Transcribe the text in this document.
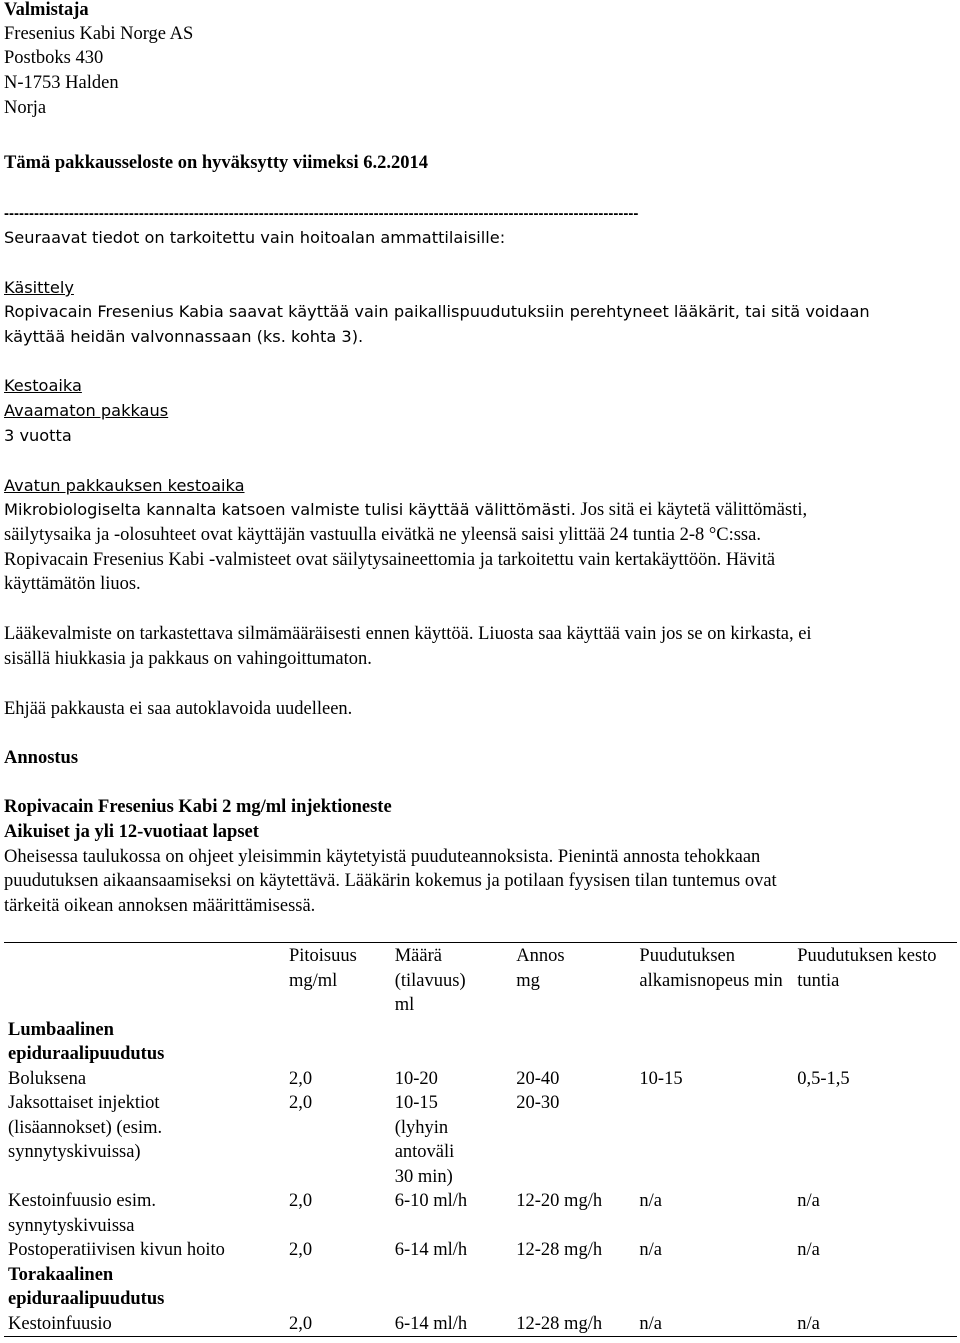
Valmistaja
Fresenius Kabi Norge AS
Postboks 430
N-1753 Halden
Norja
Tämä pakkausseloste on hyväksytty viimeksi 6.2.2014
-------------------------------------------------------------------------------------------------------------------------------
Seuraavat tiedot on tarkoitettu vain hoitoalan ammattilaisille:
Käsittely
Ropivacain Fresenius Kabia saavat käyttää vain paikallispuudutuksiin perehtyneet lääkärit, tai sitä voidaan käyttää heidän valvonnassaan (ks. kohta 3).
Kestoaika
Avaamaton pakkaus
3 vuotta
Avatun pakkauksen kestoaika
Mikrobiologiselta kannalta katsoen valmiste tulisi käyttää välittömästi. Jos sitä ei käytetä välittömästi,
säilytysaika ja -olosuhteet ovat käyttäjän vastuulla eivätkä ne yleensä saisi ylittää 24 tuntia 2-8 °C:ssa.
Ropivacain Fresenius Kabi -valmisteet ovat säilytysaineettomia ja tarkoitettu vain kertakäyttöön. Hävitä
käyttämätön liuos.
Lääkevalmiste on tarkastettava silmämääräisesti ennen käyttöä. Liuosta saa käyttää vain jos se on kirkasta, ei
sisällä hiukkasia ja pakkaus on vahingoittumaton.
Ehjää pakkausta ei saa autoklavoida uudelleen.
Annostus
Ropivacain Fresenius Kabi 2 mg/ml injektioneste
Aikuiset ja yli 12-vuotiaat lapset
Oheisessa taulukossa on ohjeet yleisimmin käytetyistä puuduteannoksista. Pienintä annosta tehokkaan
puudutuksen aikaansaamiseksi on käytettävä. Lääkärin kokemus ja potilaan fyysisen tilan tuntemus ovat
tärkeitä oikean annoksen määrittämisessä.

	Pitoisuus mg/ml	Määrä (tilavuus) ml	Annos mg	Puudutuksen alkamisnopeus min	Puudutuksen kesto tuntia

Lumbaalinen epiduraalipuudutus					

Boluksena	2,0	10-20	20-40	10-15	0,5-1,5

Jaksottaiset injektiot (lisäannokset) (esim. synnytyskivuissa)	2,0	10-15 (lyhyin antoväli 30 min)	20-30		

Kestoinfuusio esim. synnytyskivuissa	2,0	6-10 ml/h	12-20 mg/h	n/a	n/a
Postoperatiivisen kivun hoito	2,0	6-14 ml/h	12-28 mg/h	n/a	n/a

Torakaalinen epiduraalipuudutus					

Kestoinfuusio	2,0	6-14 ml/h	12-28 mg/h	n/a	n/a
